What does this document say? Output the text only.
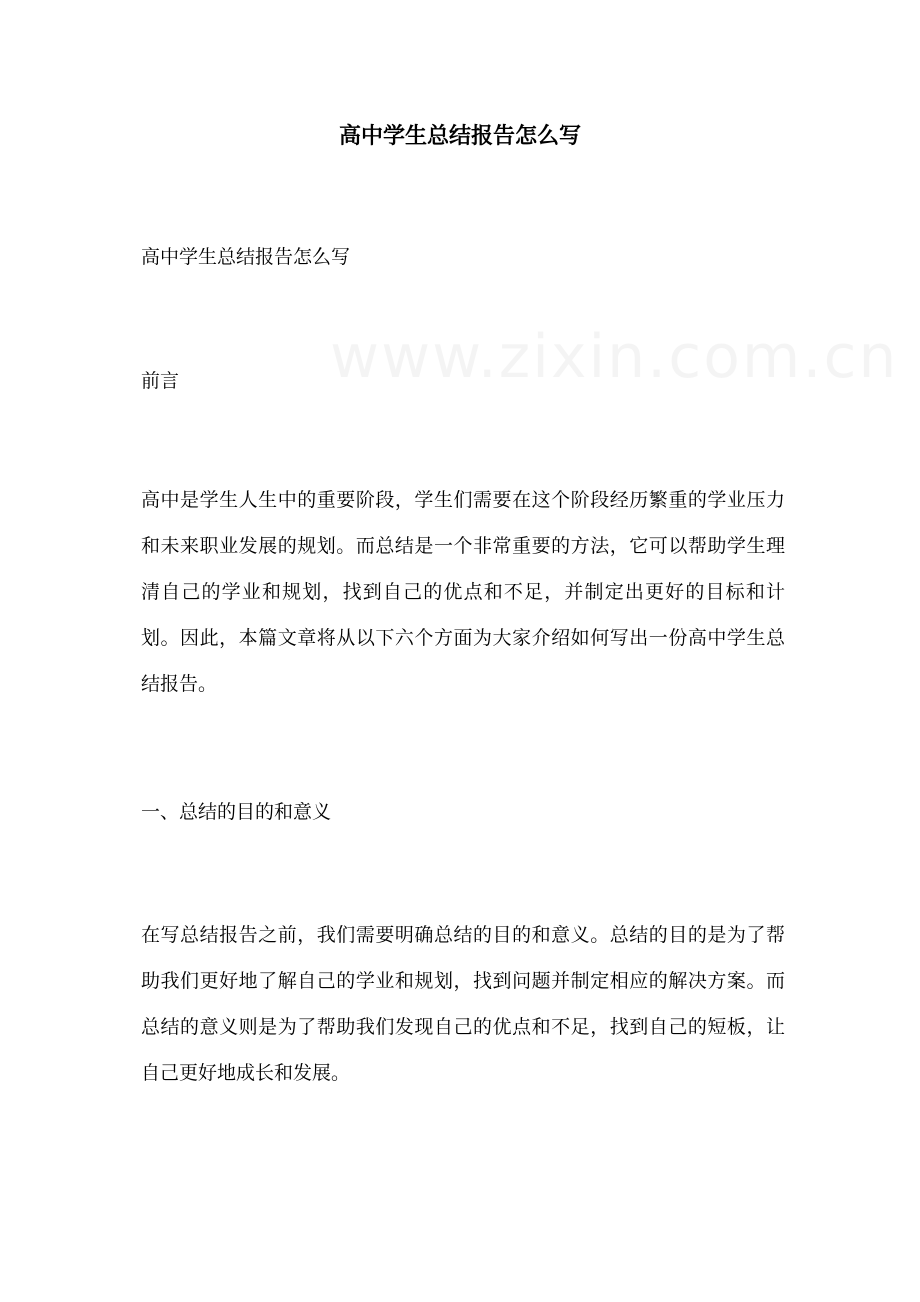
高中学生总结报告怎么写
高中学生总结报告怎么写
前言

高中是学生人生中的重要阶段，学生们需要在这个阶段经历繁重的学业压力和未来职业发展的规划。而总结是一个非常重要的方法，它可以帮助学生理清自己的学业和规划，找到自己的优点和不足，并制定出更好的目标和计划。因此，本篇文章将从以下六个方面为大家介绍如何写出一份高中学生总结报告。

一、总结的目的和意义

在写总结报告之前，我们需要明确总结的目的和意义。总结的目的是为了帮助我们更好地了解自己的学业和规划，找到问题并制定相应的解决方案。而总结的意义则是为了帮助我们发现自己的优点和不足，找到自己的短板，让自己更好地成长和发展。
